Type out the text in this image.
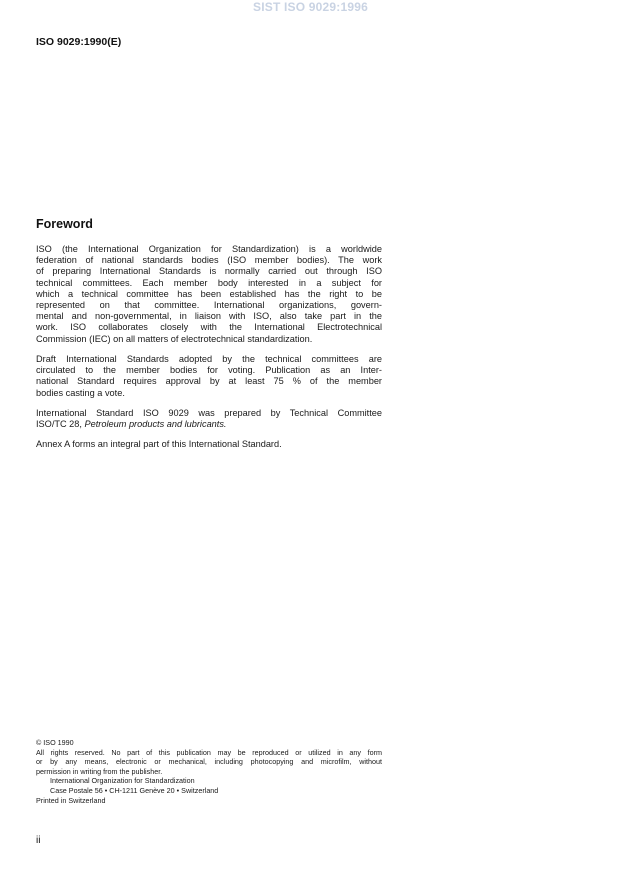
SIST ISO 9029:1996
ISO 9029:1990(E)
Foreword
ISO (the International Organization for Standardization) is a worldwide
federation of national standards bodies (ISO member bodies). The work
of preparing International Standards is normally carried out through ISO
technical committees. Each member body interested in a subject for
which a technical committee has been established has the right to be
represented on that committee. International organizations, govern-
mental and non-governmental, in liaison with ISO, also take part in the
work. ISO collaborates closely with the International Electrotechnical
Commission (IEC) on all matters of electrotechnical standardization.
Draft International Standards adopted by the technical committees are
circulated to the member bodies for voting. Publication as an Inter-
national Standard requires approval by at least 75 % of the member
bodies casting a vote.
International Standard ISO 9029 was prepared by Technical Committee
ISO/TC 28, Petroleum products and lubricants.
Annex A forms an integral part of this International Standard.
© ISO 1990
All rights reserved. No part of this publication may be reproduced or utilized in any form
or by any means, electronic or mechanical, including photocopying and microfilm, without
permission in writing from the publisher.
International Organization for Standardization
Case Postale 56 • CH-1211 Genève 20 • Switzerland
Printed in Switzerland
ii
